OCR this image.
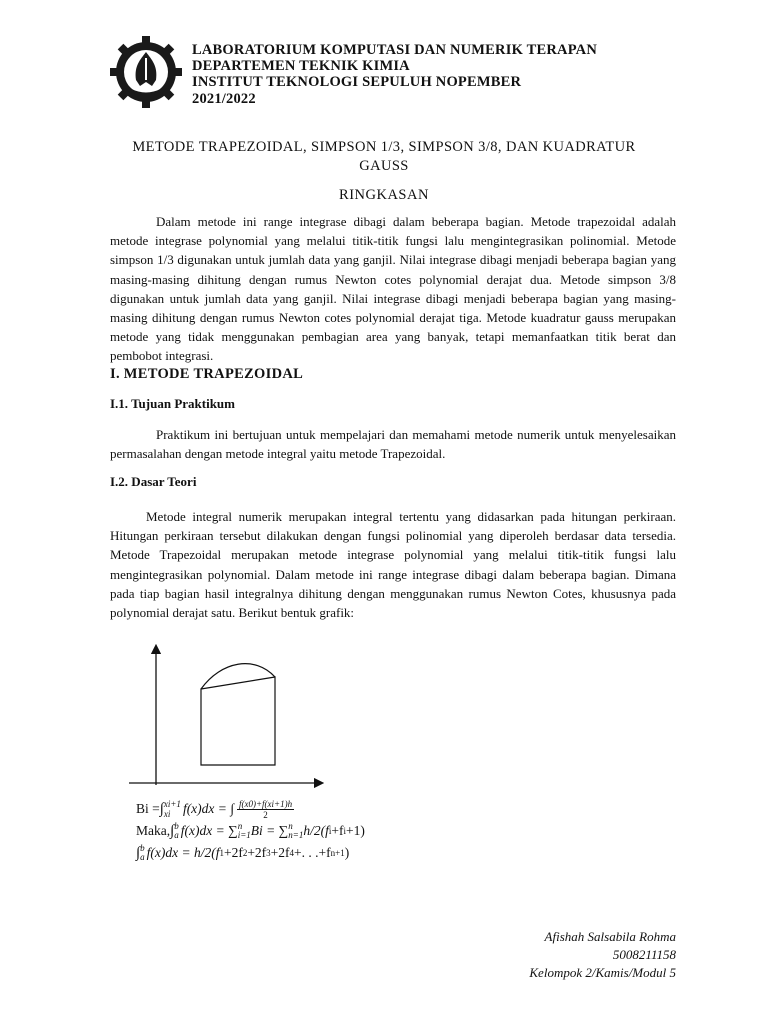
LABORATORIUM KOMPUTASI DAN NUMERIK TERAPAN
DEPARTEMEN TEKNIK KIMIA
INSTITUT TEKNOLOGI SEPULUH NOPEMBER
2021/2022
METODE TRAPEZOIDAL, SIMPSON 1/3, SIMPSON 3/8, DAN KUADRATUR
GAUSS
RINGKASAN

Dalam metode ini range integrase dibagi dalam beberapa bagian. Metode trapezoidal adalah metode integrase polynomial yang melalui titik-titik fungsi lalu mengintegrasikan polinomial. Metode simpson 1/3 digunakan untuk jumlah data yang ganjil. Nilai integrase dibagi menjadi beberapa bagian yang masing-masing dihitung dengan rumus Newton cotes polynomial derajat dua. Metode simpson 3/8 digunakan untuk jumlah data yang ganjil. Nilai integrase dibagi menjadi beberapa bagian yang masing-masing dihitung dengan rumus Newton cotes polynomial derajat tiga. Metode kuadratur gauss merupakan metode yang tidak menggunakan pembagian area yang banyak, tetapi memanfaatkan titik berat dan pembobot integrasi.

I. METODE TRAPEZOIDAL
I.1. Tujuan Praktikum

Praktikum ini bertujuan untuk mempelajari dan memahami metode numerik untuk menyelesaikan permasalahan dengan metode integral yaitu metode Trapezoidal.

I.2. Dasar Teori

Metode integral numerik merupakan integral tertentu yang didasarkan pada hitungan perkiraan. Hitungan perkiraan tersebut dilakukan dengan fungsi polinomial yang diperoleh berdasar data tersedia. Metode Trapezoidal merupakan metode integrase polynomial yang melalui titik-titik fungsi lalu mengintegrasikan polynomial. Dalam metode ini range integrase dibagi dalam beberapa bagian. Dimana pada tiap bagian hasil integralnya dihitung dengan menggunakan rumus Newton Cotes, khususnya pada polynomial derajat satu. Berikut bentuk grafik:

Bi = ∫ xi+1
xi f(x)dx = ∫ $\frac{f(x0)+f(xi+1)h}{2}$
Maka, ∫ b
a f(x)dx = ∑ n
i=1 Bi = ∑ n
n=1 h/2(f i +f i +1)
∫ b
a f(x)dx = h/2(f 1 +2f 2 +2f 3 +2f 4 +. . .+f n+1 )
Afishah Salsabila Rohma
5008211158
Kelompok 2/Kamis/Modul 5
